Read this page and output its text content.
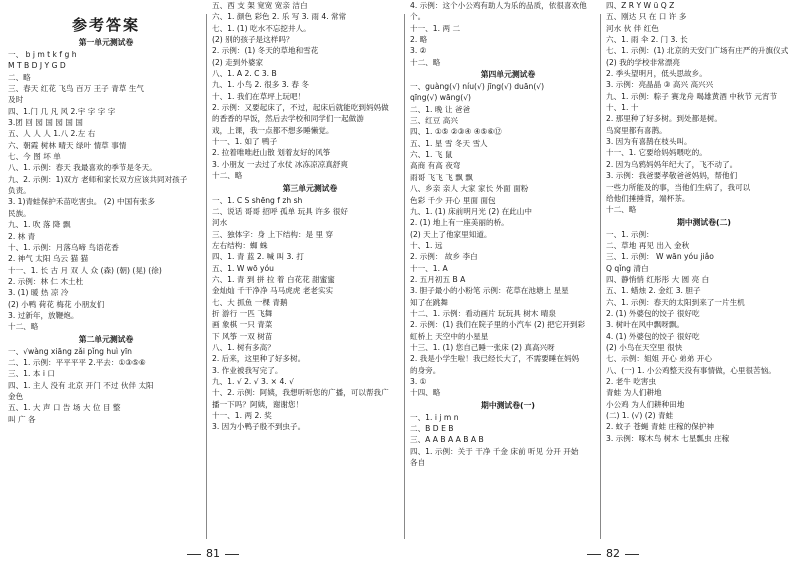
参考答案
第一单元测试卷
一、 b j m t k f g h
M T B D J Y G D
二、略
三、春天 红花 飞鸟 百万 王子 青草 生气
及时
四、1.门 几 凡 风 2.宇 字 字 字
3.团 回 园 国 园 国 国
五、人 人 人 1.八 2.左 右
六、朝霞 树林 晴天 绿叶 情草 事情
七、今 图 坏 单
八、1. 示例：春天 我最喜欢的季节是冬天。
九、2. 示例：1)双方 老师和家长双方应该共同对孩子
负责。
3. 1)青蛙保护禾苗吃害虫。 (2) 中国有张多
民族。
九、1. 吹 落 降 飘
2. 林 青
十、1. 示例：月落乌啼 鸟语花香
2. 神气 太阳 乌云 猫 猫
十一、1. 长 古 月 双 人 众 (森) (朝) (晃) (徐)
2. 示例：林 仁 木土杜
3. (1) 暖 热 凉 冷
(2) 小鸭 荷花 梅花 小朋友们
3. 过新年，放鞭炮。
十二、略
第二单元测试卷
一、√wàng xiāng zǎi pǐng huì yīn
二、1. 示例：平平平平 2.平去：①③⑤⑥
三、1. 本 i 口
四、1. 主人 没有 北京 开门 不过 伙伴 太阳
金色
五、1. 大 声 口 告 场 大 位 目 整
叫 广 各
五、西 支 架 宽宽 宽亲 洁白
六、1. 颜色 彩色 2. 乐 写 3. 雨 4. 常常
七、1. (1) 吃水不忘挖井人。
(2) 别的孩子是这样吗？
2. 示例：(1) 冬天的草地和雪花
(2) 走到外婆家
八、1. A 2. C 3. B
九、1. 小鸟 2. 很多 3. 春 冬
十、1. 我们在草坪上玩吧！
2. 示例：又要起床了，不过，起床后就能吃到妈妈做
的香香的早饭，然后去学校和同学们一起做游
戏，上课，我一点都不想多睡懒觉。
十一、1. 如了 鸭子
2. 拉着唯唯赶山散 划着友好的风筝
3. 小朋友 一去过了水仗 冰冻凉凉真舒爽
十二、略
第三单元测试卷
一、1. C S shēng f zh sh
二、说话 哥哥 招呼 孤单 玩具 许多 很好
河水
三、独体字：身 上下结构：是 里 穿
左右结构：蜘 蛛
四、1. 青 蓝 2. 喊 叫 3. 打
五、1. W wō yóu
六、1. 青 到 拼 拉 着 白花花 甜蜜蜜
金灿灿 千干净净 马马虎虎 老老实实
七、大 抓鱼 一棵 青鹅
折 游行 一匹 飞舞
画 象棋 一只 青菜
下 风筝 一双 树苗
八、1. 树有多高？
2. 后来，这里种了好多树。
3. 作业被我写完了。
九、1. √ 2. √ 3. × 4. √
十、2. 示例：阿姨，我想听听您的广播，可以帮我广
播一下吗？阿姨，谢谢您！
十一、1. 两 2. 奖
3. 因为小鸭子殷不到虫子。
4. 示例：这个小公鸡有助人为乐的品质，依很喜欢他
个。
十一、1. 两 二
2. 略
3. ②
十二、略
第四单元测试卷
一、guàng(√) níu(√) jīng(√) duān(√)
qīng(√) wāng(√)
二、1. 晚 让 爸爸
三、红豆 高兴
四、1. ①⑤ ②③④ ④⑤⑥⑫
五、1. 星 雪 冬天 雪人
六、1. 飞 鼠
高商 有高 夜弯
雨哥 飞飞 飞 飘 飘
八、乡亲 亲人 大家 家长 外面 面粉
色彩 千少 开心 里面 面包
九、1. (1) 床前明月光 (2) 在此山中
2. (1) 地上有一座美丽的桥。
(2) 天上了他家里知道。
十、1. 远
2. 示例： 故乡 李白
十一、1. A
2. 五月初五 B A
3. 胆子最小的小粉笔 示例：花草在池塘上 星星
知了在跳舞
十二、1. 示例：看动画片 玩玩具 树木 晴泉
2. 示例：(1) 我们在院子里的小汽车 (2) 把它开到彩
虹桥上 天空中的小星星
十三、1. (1) 您自己睡一张床 (2) 真高兴呀
2. 我是小学生啦！我已经长大了，不需要睡在妈妈
的身旁。
3. ①
十四、略
期中测试卷(一)
一、1. i j m n
二、B D E B
三、A A B A A B A B
四、1. 示例：关于 干净 千金 床前 听见 分开 开始
各自
四、Z R Y W ü Q Z
五、刚达 只 在 口 许 多
河水 伙 伴 红色
六、1. 雨 伞 2. 门 3. 长
七、1. 示例：(1) 北京的天安门广场有庄严的升旗仪式
(2) 我的学校非常漂亮
2. 季头望明月，低头思故乡。
3. 示例：亮晶晶 ③ 高兴 高兴兴
九、1. 示例：粽子 赛龙舟 喝雄黄酒 中秋节 元宵节
十、1. 十
2. 那里种了好多树。到处都是树。
鸟窝里都有喜鹊。
3. 因为有喜鹊在枝头叫。
十一、1. 它要给妈妈喂吃的。
2. 因为乌鸦妈妈年纪大了，飞不动了。
3. 示例：我爸要孝敬爸爸妈妈，帮他们
一些力所能及的事，当他们生病了，我可以
给他们捶捶背，端杯茶。
十二、略
期中测试卷(二)
一、1. 示例：
二、草地 再见 出入 金秋
三、1. 示例： W wān yóu jiǎo
Q qǐng 清白
四、静悄悄 红彤彤 大 圆 亮 白
五、1. 蜡烛 2. 金红 3. 胆子
六、1. 示例：春天的太阳到来了一片生机
2. (1) 外婆包的饺子 很好吃
3. 树叶在风中飘呀飘。
4. (1) 外婆包的饺子 很好吃
(2) 小鸟在天空里 很快
七、示例：姐姐 开心 弟弟 开心
八、(一) 1. 小公鸡整天没有事情做，心里很苦恼。
2. 老牛 吃害虫
青蛙 为人们耕地
小公鸡 为人们耕种田地
(二) 1. (√) (2) 青蛙
2. 蚊子 苍蝇 青蛙 庄稼的保护神
3. 示例：啄木鸟 树木 七星瓢虫 庄稼
81	82
